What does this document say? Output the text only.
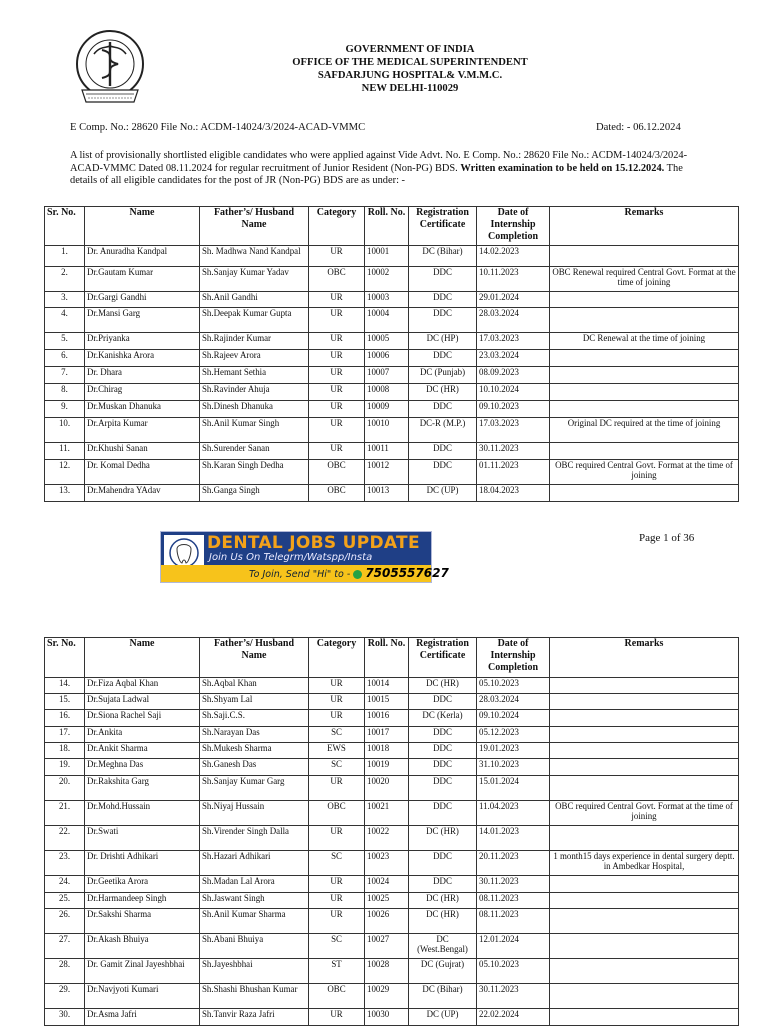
GOVERNMENT OF INDIA
OFFICE OF THE MEDICAL SUPERINTENDENT
SAFDARJUNG HOSPITAL& V.M.M.C.
NEW DELHI-110029
E Comp. No.: 28620 File No.: ACDM-14024/3/2024-ACAD-VMMC	Dated: - 06.12.2024
A list of provisionally shortlisted eligible candidates who were applied against Vide Advt. No. E Comp. No.: 28620 File No.: ACDM-14024/3/2024-ACAD-VMMC Dated 08.11.2024 for regular recruitment of Junior Resident (Non-PG) BDS. Written examination to be held on 15.12.2024. The details of all eligible candidates for the post of JR (Non-PG) BDS are as under: -
Sr. No.	Name	Father’s/ Husband Name	Category	Roll. No.	Registration Certificate	Date of Internship Completion	Remarks
1.	Dr. Anuradha Kandpal	Sh. Madhwa Nand Kandpal	UR	10001	DC (Bihar)	14.02.2023	
2.	Dr.Gautam Kumar	Sh.Sanjay Kumar Yadav	OBC	10002	DDC	10.11.2023	OBC Renewal required Central Govt. Format at the time of joining
3.	Dr.Gargi Gandhi	Sh.Anil Gandhi	UR	10003	DDC	29.01.2024	
4.	Dr.Mansi Garg	Sh.Deepak Kumar Gupta	UR	10004	DDC	28.03.2024	
5.	Dr.Priyanka	Sh.Rajinder Kumar	UR	10005	DC (HP)	17.03.2023	DC Renewal at the time of joining
6.	Dr.Kanishka Arora	Sh.Rajeev Arora	UR	10006	DDC	23.03.2024	
7.	Dr. Dhara	Sh.Hemant Sethia	UR	10007	DC (Punjab)	08.09.2023	
8.	Dr.Chirag	Sh.Ravinder Ahuja	UR	10008	DC (HR)	10.10.2024	
9.	Dr.Muskan Dhanuka	Sh.Dinesh Dhanuka	UR	10009	DDC	09.10.2023	
10.	Dr.Arpita Kumar	Sh.Anil Kumar Singh	UR	10010	DC-R (M.P.)	17.03.2023	Original DC required at the time of joining
11.	Dr.Khushi Sanan	Sh.Surender Sanan	UR	10011	DDC	30.11.2023	
12.	Dr. Komal Dedha	Sh.Karan Singh Dedha	OBC	10012	DDC	01.11.2023	OBC required Central Govt. Format at the time of joining
13.	Dr.Mahendra YAdav	Sh.Ganga Singh	OBC	10013	DC (UP)	18.04.2023	
DENTAL JOBS UPDATE
Join Us On Telegrm/Watspp/Insta
To Join, Send "Hi" to - 7505557627
Page 1 of 36
Sr. No.	Name	Father’s/ Husband Name	Category	Roll. No.	Registration Certificate	Date of Internship Completion	Remarks
14.	Dr.Fiza Aqbal Khan	Sh.Aqbal Khan	UR	10014	DC (HR)	05.10.2023	
15.	Dr.Sujata Ladwal	Sh.Shyam Lal	UR	10015	DDC	28.03.2024	
16.	Dr.Siona Rachel Saji	Sh.Saji.C.S.	UR	10016	DC (Kerla)	09.10.2024	
17.	Dr.Ankita	Sh.Narayan Das	SC	10017	DDC	05.12.2023	
18.	Dr.Ankit Sharma	Sh.Mukesh Sharma	EWS	10018	DDC	19.01.2023	
19.	Dr.Meghna Das	Sh.Ganesh Das	SC	10019	DDC	31.10.2023	
20.	Dr.Rakshita Garg	Sh.Sanjay Kumar Garg	UR	10020	DDC	15.01.2024	
21.	Dr.Mohd.Hussain	Sh.Niyaj Hussain	OBC	10021	DDC	11.04.2023	OBC required Central Govt. Format at the time of joining
22.	Dr.Swati	Sh.Virender Singh Dalla	UR	10022	DC (HR)	14.01.2023	
23.	Dr. Drishti Adhikari	Sh.Hazari Adhikari	SC	10023	DDC	20.11.2023	1 month15 days experience in dental surgery deptt. in Ambedkar Hospital,
24.	Dr.Geetika Arora	Sh.Madan Lal Arora	UR	10024	DDC	30.11.2023	
25.	Dr.Harmandeep Singh	Sh.Jaswant Singh	UR	10025	DC (HR)	08.11.2023	
26.	Dr.Sakshi Sharma	Sh.Anil Kumar Sharma	UR	10026	DC (HR)	08.11.2023	
27.	Dr.Akash Bhuiya	Sh.Abani Bhuiya	SC	10027	DC (West.Bengal)	12.01.2024	
28.	Dr. Gamit Zinal Jayeshbhai	Sh.Jayeshbhai	ST	10028	DC (Gujrat)	05.10.2023	
29.	Dr.Navjyoti Kumari	Sh.Shashi Bhushan Kumar	OBC	10029	DC (Bihar)	30.11.2023	
30.	Dr.Asma Jafri	Sh.Tanvir Raza Jafri	UR	10030	DC (UP)	22.02.2024	
